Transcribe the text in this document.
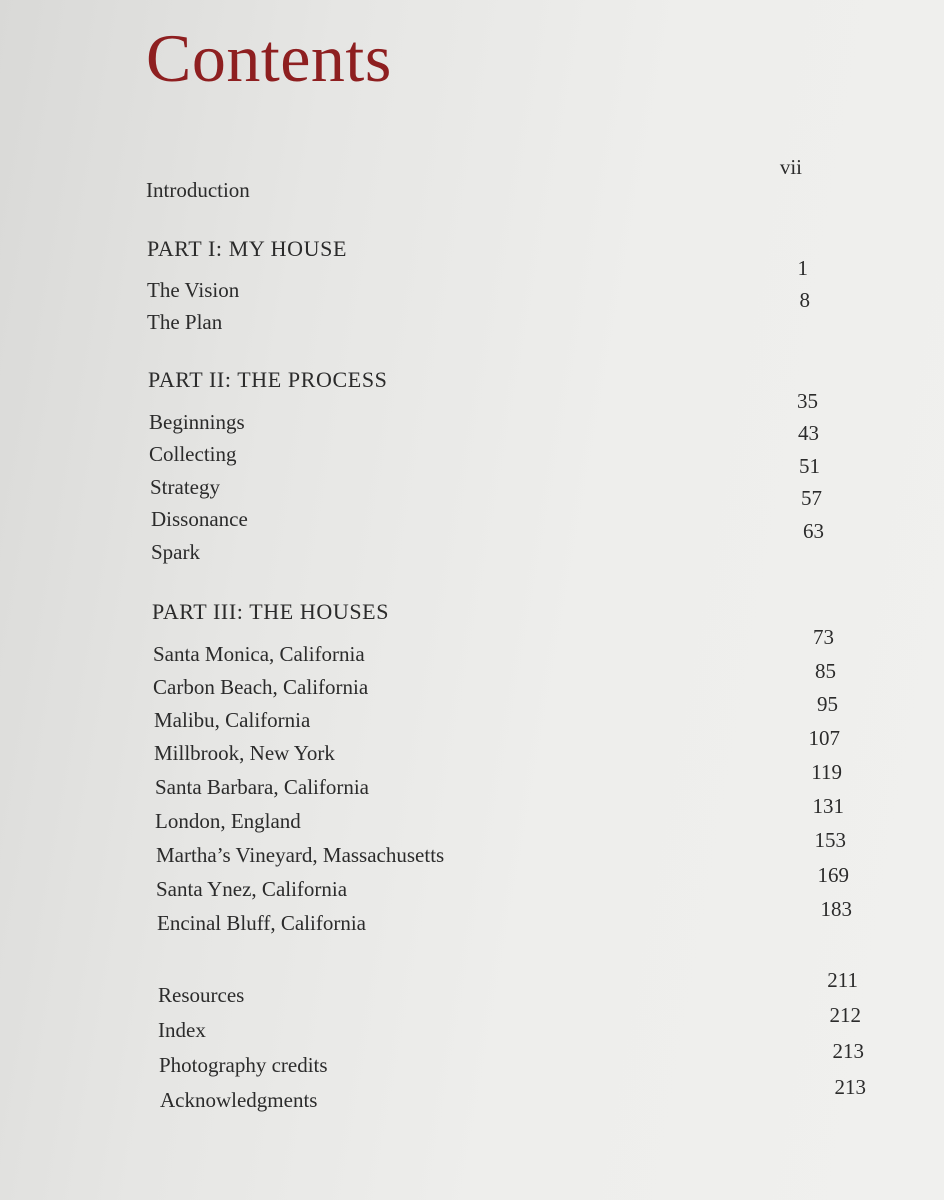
Contents
Introduction
vii
PART I: MY HOUSE
The Vision
1
The Plan
8
PART II: THE PROCESS
Beginnings
35
Collecting
43
Strategy
51
Dissonance
57
Spark
63
PART III: THE HOUSES
Santa Monica, California
73
Carbon Beach, California
85
Malibu, California
95
Millbrook, New York
107
Santa Barbara, California
119
London, England
131
Martha’s Vineyard, Massachusetts
153
Santa Ynez, California
169
Encinal Bluff, California
183
Resources
211
Index
212
Photography credits
213
Acknowledgments
213
